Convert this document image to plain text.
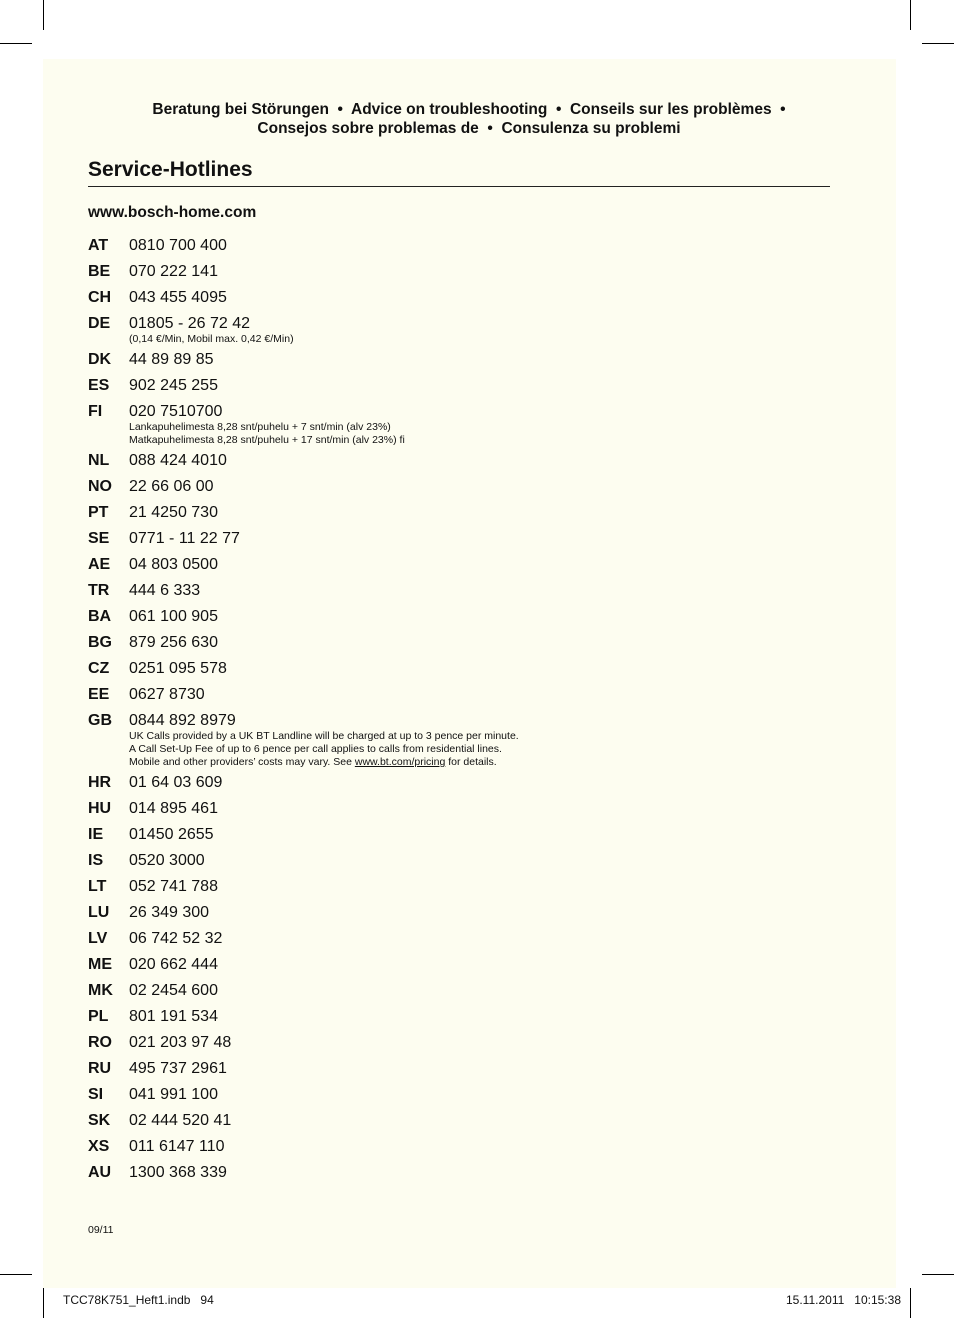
Beratung bei Störungen  •  Advice on troubleshooting  •  Conseils sur les problèmes  •
Consejos sobre problemas de  •  Consulenza su problemi
Service-Hotlines
www.bosch-home.com
AT	0810 700 400
BE	070 222 141
CH	043 455 4095
DE	01805 - 26 72 42
(0,14 €/Min, Mobil max. 0,42 €/Min)
DK	44 89 89 85
ES	902 245 255
FI	020 7510700
Lankapuhelimesta 8,28 snt/puhelu + 7 snt/min (alv 23%)
Matkapuhelimesta 8,28 snt/puhelu + 17 snt/min (alv 23%) fi
NL	088 424 4010
NO	22 66 06 00
PT	21 4250 730
SE	0771 - 11 22 77
AE	04 803 0500
TR	444 6 333
BA	061 100 905
BG	879 256 630
CZ	0251 095 578
EE	0627 8730
GB	0844 892 8979
UK Calls provided by a UK BT Landline will be charged at up to 3 pence per minute.
A Call Set-Up Fee of up to 6 pence per call applies to calls from residential lines.
Mobile and other providers’ costs may vary. See www.bt.com/pricing for details.
HR	01 64 03 609
HU	014 895 461
IE	01450 2655
IS	0520 3000
LT	052 741 788
LU	26 349 300
LV	06 742 52 32
ME	020 662 444
MK	02 2454 600
PL	801 191 534
RO	021 203 97 48
RU	495 737 2961
SI	041 991 100
SK	02 444 520 41
XS	011 6147 110
AU	1300 368 339
09/11
TCC78K751_Heft1.indb   94	15.11.2011   10:15:38
